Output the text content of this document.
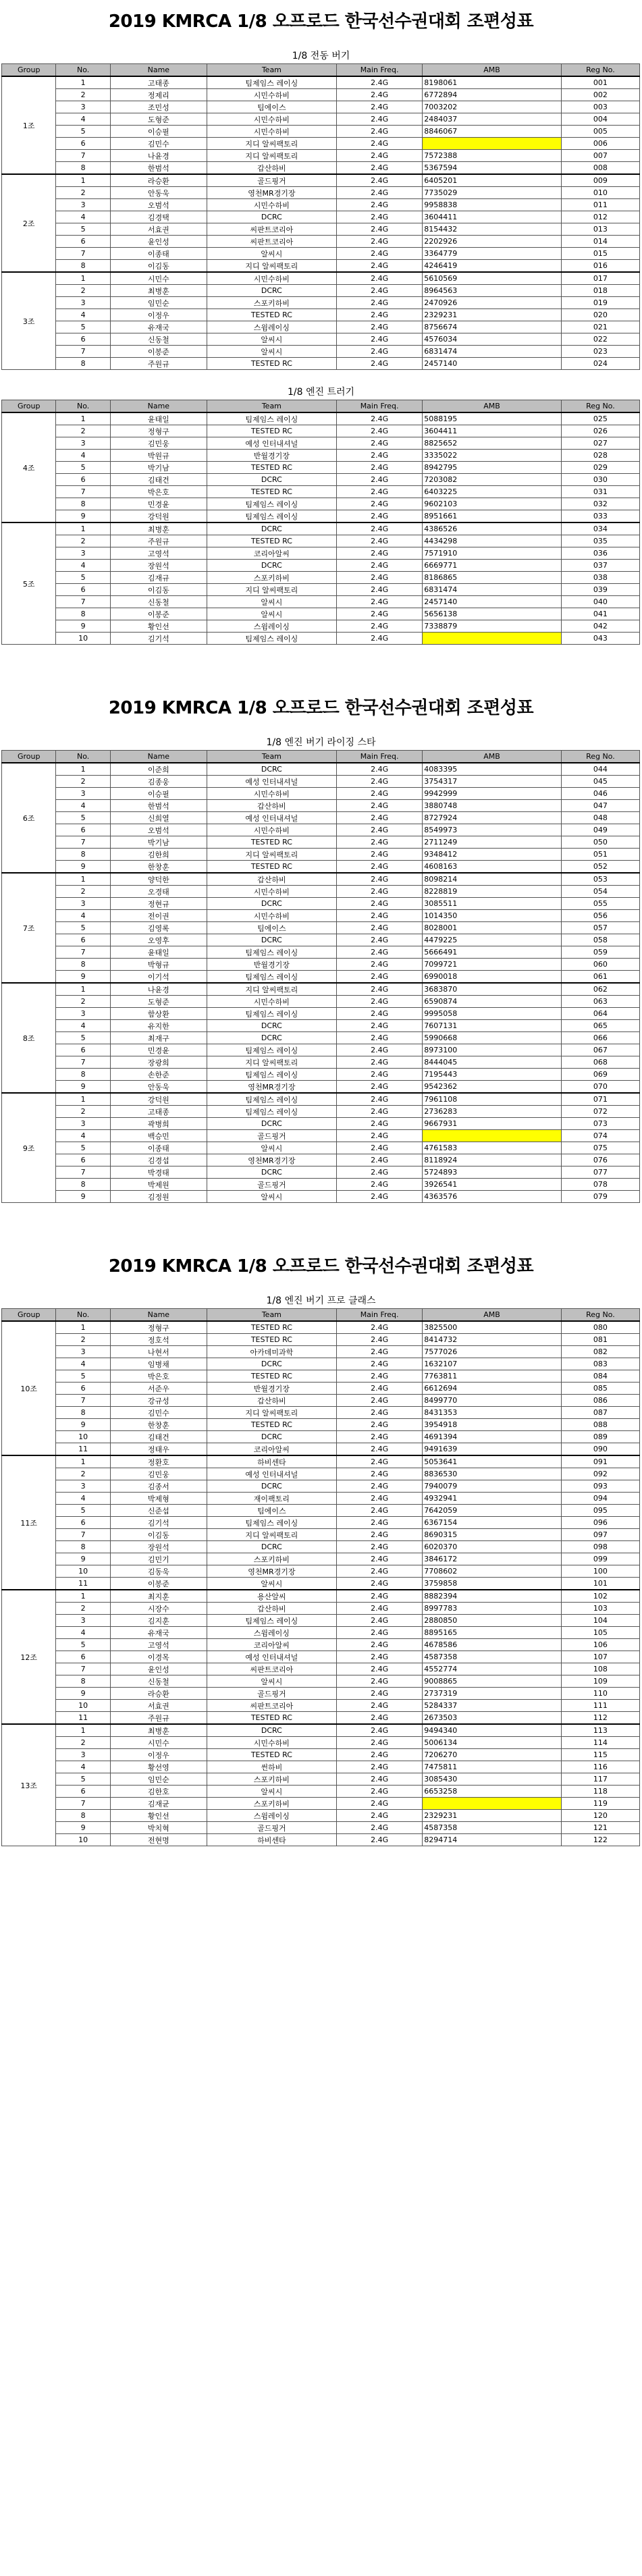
2019 KMRCA 1/8 오프로드 한국선수권대회 조편성표
1/8 전동 버기
Group	No.	Name	Team	Main Freq.	AMB	Reg No.
1조	1	고태종	팀제임스 레이싱	2.4G	8198061	001
	2	정제리	시민수하비	2.4G	6772894	002
	3	조민성	팀에이스	2.4G	7003202	003
	4	도형준	시민수하비	2.4G	2484037	004
	5	이승필	시민수하비	2.4G	8846067	005
	6	김민수	지디 알씨팩토리	2.4G		006
	7	나윤경	지디 알씨팩토리	2.4G	7572388	007
	8	한범석	갑산하비	2.4G	5367594	008
2조	1	라승환	골드핑거	2.4G	6405201	009
	2	안동욱	영천MR경기장	2.4G	7735029	010
	3	오범석	시민수하비	2.4G	9958838	011
	4	김경택	DCRC	2.4G	3604411	012
	5	서효권	씨판트코리아	2.4G	8154432	013
	6	윤인성	씨판트코리아	2.4G	2202926	014
	7	이종태	알씨시	2.4G	3364779	015
	8	이김동	지디 알씨팩토리	2.4G	4246419	016
3조	1	시민수	시민수하비	2.4G	5610569	017
	2	최병훈	DCRC	2.4G	8964563	018
	3	임민순	스포키하비	2.4G	2470926	019
	4	이정우	TESTED RC	2.4G	2329231	020
	5	유재국	스윔레이싱	2.4G	8756674	021
	6	신동철	알씨시	2.4G	4576034	022
	7	이봉준	알씨시	2.4G	6831474	023
	8	주원규	TESTED RC	2.4G	2457140	024
1/8 엔진 트러기
Group	No.	Name	Team	Main Freq.	AMB	Reg No.
4조	1	윤태일	팀제임스 레이싱	2.4G	5088195	025
	2	정형구	TESTED RC	2.4G	3604411	026
	3	김민웅	예성 인터내셔널	2.4G	8825652	027
	4	박원규	반월경기장	2.4G	3335022	028
	5	박기남	TESTED RC	2.4G	8942795	029
	6	김태건	DCRC	2.4G	7203082	030
	7	박은호	TESTED RC	2.4G	6403225	031
	8	민경윤	팀제임스 레이싱	2.4G	9602103	032
	9	강덕원	팀제임스 레이싱	2.4G	8951661	033
5조	1	최병훈	DCRC	2.4G	4386526	034
	2	주원규	TESTED RC	2.4G	4434298	035
	3	고영석	코리아알씨	2.4G	7571910	036
	4	장원석	DCRC	2.4G	6669771	037
	5	김재규	스포키하비	2.4G	8186865	038
	6	이김동	지디 알씨팩토리	2.4G	6831474	039
	7	신동철	알씨시	2.4G	2457140	040
	8	이봉준	알씨시	2.4G	5656138	041
	9	황인선	스윔레이싱	2.4G	7338879	042
	10	김기석	팀제임스 레이싱	2.4G		043
2019 KMRCA 1/8 오프로드 한국선수권대회 조편성표
1/8 엔진 버기 라이징 스타
Group	No.	Name	Team	Main Freq.	AMB	Reg No.
6조	1	이준희	DCRC	2.4G	4083395	044
	2	김종웅	예성 인터내셔널	2.4G	3754317	045
	3	이승필	시민수하비	2.4G	9942999	046
	4	한범석	갑산하비	2.4G	3880748	047
	5	신희열	예성 인터내셔널	2.4G	8727924	048
	6	오범석	시민수하비	2.4G	8549973	049
	7	박기남	TESTED RC	2.4G	2711249	050
	8	김한희	지디 알씨팩토리	2.4G	9348412	051
	9	한창훈	TESTED RC	2.4G	4608163	052
7조	1	양덕한	갑산하비	2.4G	8098214	053
	2	오경태	시민수하비	2.4G	8228819	054
	3	정현규	DCRC	2.4G	3085511	055
	4	전이권	시민수하비	2.4G	1014350	056
	5	김영록	팀에이스	2.4G	8028001	057
	6	오영후	DCRC	2.4G	4479225	058
	7	윤태일	팀제임스 레이싱	2.4G	5666491	059
	8	박형규	반월경기장	2.4G	7099721	060
	9	이기석	팀제임스 레이싱	2.4G	6990018	061
8조	1	나윤경	지디 알씨팩토리	2.4G	3683870	062
	2	도형준	시민수하비	2.4G	6590874	063
	3	함상환	팀제임스 레이싱	2.4G	9995058	064
	4	유지한	DCRC	2.4G	7607131	065
	5	최재구	DCRC	2.4G	5990668	066
	6	민경윤	팀제임스 레이싱	2.4G	8973100	067
	7	장광희	지디 알씨팩토리	2.4G	8444045	068
	8	손한준	팀제임스 레이싱	2.4G	7195443	069
	9	안동욱	영천MR경기장	2.4G	9542362	070
9조	1	강덕원	팀제임스 레이싱	2.4G	7961108	071
	2	고태종	팀제임스 레이싱	2.4G	2736283	072
	3	곽병희	DCRC	2.4G	9667931	073
	4	백승민	골드핑거	2.4G		074
	5	이종태	알씨시	2.4G	4761583	075
	6	김경섭	영천MR경기장	2.4G	8118924	076
	7	박경태	DCRC	2.4G	5724893	077
	8	박제원	골드핑거	2.4G	3926541	078
	9	김정원	알씨시	2.4G	4363576	079
2019 KMRCA 1/8 오프로드 한국선수권대회 조편성표
1/8 엔진 버기 프로 클래스
Group	No.	Name	Team	Main Freq.	AMB	Reg No.
10조	1	정형구	TESTED RC	2.4G	3825500	080
	2	정호석	TESTED RC	2.4G	8414732	081
	3	나현서	아카데미과학	2.4G	7577026	082
	4	임병채	DCRC	2.4G	1632107	083
	5	박은호	TESTED RC	2.4G	7763811	084
	6	서준우	반월경기장	2.4G	6612694	085
	7	강규성	갑산하비	2.4G	8499770	086
	8	김민수	지디 알씨팩토리	2.4G	8431353	087
	9	한창훈	TESTED RC	2.4G	3954918	088
	10	김태건	DCRC	2.4G	4691394	089
	11	정태우	코리아알씨	2.4G	9491639	090
11조	1	정환호	하비센타	2.4G	5053641	091
	2	김민웅	예성 인터내셔널	2.4G	8836530	092
	3	김종서	DCRC	2.4G	7940079	093
	4	박제형	재이팩토리	2.4G	4932941	094
	5	신준섭	팀에이스	2.4G	7642059	095
	6	김기석	팀제임스 레이싱	2.4G	6367154	096
	7	이김동	지디 알씨팩토리	2.4G	8690315	097
	8	장원석	DCRC	2.4G	6020370	098
	9	김민기	스포키하비	2.4G	3846172	099
	10	김동욱	영천MR경기장	2.4G	7708602	100
	11	이봉준	알씨시	2.4G	3759858	101
12조	1	최지훈	용산알씨	2.4G	8882394	102
	2	시장수	갑산하비	2.4G	8997783	103
	3	김지훈	팀제임스 레이싱	2.4G	2880850	104
	4	유재국	스윔레이싱	2.4G	8895165	105
	5	고영석	코리아알씨	2.4G	4678586	106
	6	이경목	예성 인터내셔널	2.4G	4587358	107
	7	윤인성	씨판트코리아	2.4G	4552774	108
	8	신동철	알씨시	2.4G	9008865	109
	9	라승환	골드핑거	2.4G	2737319	110
	10	서효권	씨판트코리아	2.4G	5284337	111
	11	주원규	TESTED RC	2.4G	2673503	112
13조	1	최병훈	DCRC	2.4G	9494340	113
	2	시민수	시민수하비	2.4G	5006134	114
	3	이정우	TESTED RC	2.4G	7206270	115
	4	황선영	썬하비	2.4G	7475811	116
	5	임민순	스포키하비	2.4G	3085430	117
	6	김한호	알씨시	2.4G	6653258	118
	7	김재균	스포키하비	2.4G		119
	8	황인선	스윔레이싱	2.4G	2329231	120
	9	박치혁	골드핑거	2.4G	4587358	121
	10	전현명	하비센타	2.4G	8294714	122
